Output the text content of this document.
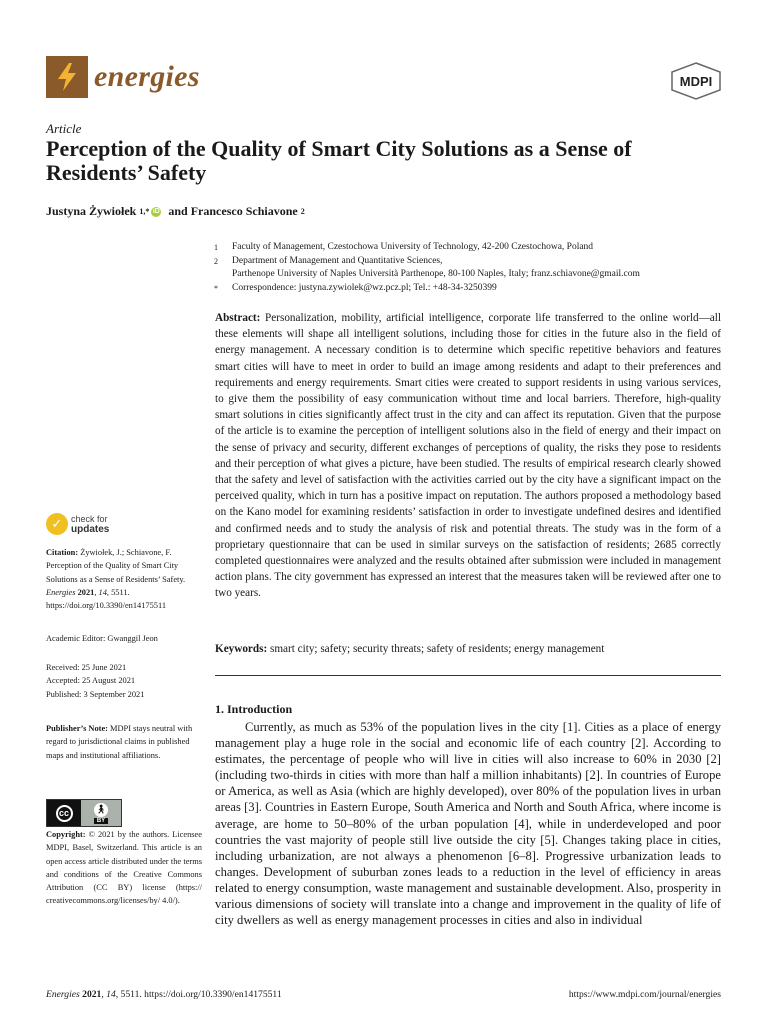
energies	MDPI
Article
Perception of the Quality of Smart City Solutions as a Sense of Residents’ Safety
Justyna Żywiołek
1,* iD and Francesco Schiavone
2
1	Faculty of Management, Czestochowa University of Technology, 42-200 Czestochowa, Poland
2	Department of Management and Quantitative Sciences,
Parthenope University of Naples Università Parthenope, 80-100 Naples, Italy; franz.schiavone@gmail.com
*	Correspondence: justyna.zywiolek@wz.pcz.pl; Tel.: +48-34-3250399

Abstract: Personalization, mobility, artificial intelligence, corporate life transferred to the online world—all these elements will shape all intelligent solutions, including those for cities in the future also in the field of energy management. A necessary condition is to determine which specific repetitive behaviors and features smart cities will have to meet in order to build an image among residents and adapt to their preferences and requirements and energy requirements. Smart cities were created to support residents in using various services, to give them the possibility of easy communication without time and local barriers. Therefore, high-quality smart solutions in cities significantly affect trust in the city and can affect its reputation. Given that the purpose of the article is to examine the perception of intelligent solutions also in the field of energy and their impact on the sense of privacy and security, different exchanges of perceptions of quality, the risks they pose to residents and their perception of what gives a picture, have been studied. The results of empirical research clearly showed that the safety and level of satisfaction with the activities carried out by the city have a significant impact on the perceived quality, which in turn has a positive impact on reputation. The authors proposed a methodology based on the Kano model for examining residents’ satisfaction in order to investigate undefined desires and identified and confirmed needs and to study the analysis of risk and potential threats. The study was in the form of a proprietary questionnaire that can be used in similar surveys on the satisfaction of residents; 2685 correctly completed questionnaires were analyzed and the results obtained after submission were included in management action plans. The city government has expressed an interest that the measures taken will be reviewed after one to two years.

Keywords: smart city; safety; security threats; safety of residents; energy management

1. Introduction

Currently, as much as 53% of the population lives in the city [1]. Cities as a place of energy management play a huge role in the social and economic life of each country [2]. According to estimates, the percentage of people who will live in cities will also increase to 60% in 2030 [2] (including two-thirds in cities with more than half a million inhabitants) [2]. In countries of Europe or America, as well as Asia (which are highly developed), over 80% of the population lives in urban areas [3]. Countries in Eastern Europe, South America and North and South Africa, where income is average, are home to 50–80% of the urban population [4], while in underdeveloped and poor countries the vast majority of people still live outside the city [5]. Changes taking place in cities, including urbanization, are not always a phenomenon [6–8]. Progressive urbanization leads to changes. Development of suburban zones leads to a reduction in the level of efficiency in areas related to energy consumption, waste management and sustainable development. Also, prosperity in various dimensions of society will translate into a change and improvement in the quality of life of city dwellers as well as energy management processes in cities and also in individual

✓ check for
updates
Citation: Żywiołek, J.; Schiavone, F. Perception of the Quality of Smart City Solutions as a Sense of Residents’ Safety. Energies 2021, 14, 5511. https://doi.org/10.3390/en14175511
Academic Editor: Gwanggil Jeon
Received: 25 June 2021
Accepted: 25 August 2021
Published: 3 September 2021
Publisher’s Note: MDPI stays neutral with regard to jurisdictional claims in published maps and institutional affiliations.
cc	🚶︎
BY
Copyright: © 2021 by the authors. Licensee MDPI, Basel, Switzerland. This article is an open access article distributed under the terms and conditions of the Creative Commons Attribution (CC BY) license (https:// creativecommons.org/licenses/by/ 4.0/).
Energies 2021, 14, 5511. https://doi.org/10.3390/en14175511	https://www.mdpi.com/journal/energies
